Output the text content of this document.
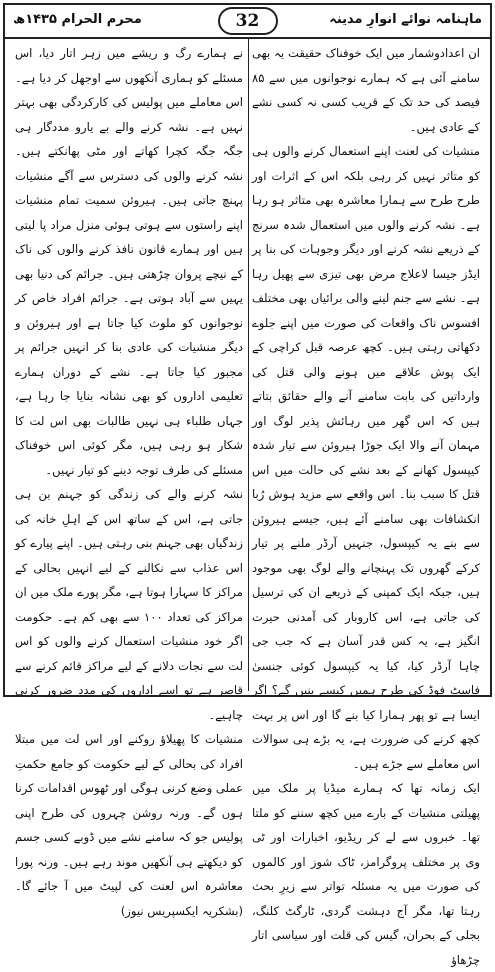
ماہنامہ نوائے انوارِ مدینہ
محرم الحرام ۱۴۳۵ھ	32

ان اعدادوشمار میں ایک خوفناک حقیقت یہ بھی سامنے آئی ہے کہ ہمارے نوجوانوں میں سے ۸۵ فیصد کی حد تک کے قریب کسی نہ کسی نشے کے عادی ہیں۔

منشیات کی لعنت اپنے استعمال کرنے والوں ہی کو متاثر نہیں کر رہی بلکہ اس کے اثرات اور طرح طرح سے ہمارا معاشرہ بھی متاثر ہو رہا ہے۔ نشہ کرنے والوں میں استعمال شدہ سرنج کے ذریعے نشہ کرنے اور دیگر وجوہات کی بنا پر ایڈز جیسا لاعلاج مرض بھی تیزی سے پھیل رہا ہے۔ نشے سے جنم لینے والی برائیاں بھی مختلف افسوس ناک واقعات کی صورت میں اپنے جلوے دکھاتی رہتی ہیں۔ کچھ عرصہ قبل کراچی کے ایک پوش علاقے میں ہونے والی قتل کی وارداتیں کی بابت سامنے آنے والے حقائق بتاتے ہیں کہ اس گھر میں رہائش پذیر لوگ اور مہمان آنے والا ایک جوڑا ہیروئن سے تیار شدہ کیپسول کھانے کے بعد نشے کی حالت میں اس قتل کا سبب بنا۔ اس واقعے سے مزید ہوش رُبا انکشافات بھی سامنے آئے ہیں، جیسے ہیروئن سے بنے یہ کیپسول، جنہیں آرڈر ملنے پر تیار کرکے گھروں تک پہنچانے والے لوگ بھی موجود ہیں، جبکہ ایک کمپنی کے ذریعے ان کی ترسیل کی جاتی ہے، اس کاروبار کی آمدنی حیرت انگیز ہے، یہ کس قدر آسان ہے کہ جب جی چاہا آرڈر کیا، کیا یہ کیپسول کوئی جنسیٰ فاسٹ فوڈ کی طرح ہمیں کیسے بنیں گے؟ اگر ایسا ہے تو پھر ہمارا کیا بنے گا اور اس پر بہت کچھ کرنے کی ضرورت ہے، یہ بڑے ہی سوالات اس معاملے سے جڑے ہیں۔

ایک زمانہ تھا کہ ہمارے میڈیا پر ملک میں پھیلتی منشیات کے بارے میں کچھ سننے کو ملتا تھا۔ خبروں سے لے کر ریڈیو، اخبارات اور ٹی وی پر مختلف پروگرامز، ٹاک شوز اور کالموں کی صورت میں یہ مسئلہ تواتر سے زیرِ بحث رہتا تھا، مگر آج دہشت گردی، ٹارگٹ کلنگ، بجلی کے بحران، گیس کی قلت اور سیاسی اتار چڑھاؤ

نے ہمارے رگ و ریشے میں زہر اتار دیا، اس مسئلے کو ہماری آنکھوں سے اوجھل کر دیا ہے۔ اس معاملے میں پولیس کی کارکردگی بھی بہتر نہیں ہے۔ نشہ کرنے والے بے یارو مددگار ہی جگہ جگہ کچرا کھاتے اور مٹی پھانکتے ہیں۔ نشہ کرنے والوں کی دسترس سے آگے منشیات پہنچ جاتی ہیں۔ ہیروئن سمیت تمام منشیات اپنے راستوں سے ہوتی ہوئی منزل مراد پا لیتی ہیں اور ہمارے قانون نافذ کرنے والوں کی ناک کے نیچے پروان چڑھتی ہیں۔ جرائم کی دنیا بھی یہیں سے آباد ہوتی ہے۔ جرائم افراد خاص کر نوجوانوں کو ملوث کیا جاتا ہے اور ہیروئن و دیگر منشیات کی عادی بنا کر انہیں جرائم پر مجبور کیا جاتا ہے۔ نشے کے دوران ہمارے تعلیمی اداروں کو بھی نشانہ بنایا جا رہا ہے، جہاں طلباء ہی نہیں طالبات بھی اس لت کا شکار ہو رہی ہیں، مگر کوئی اس خوفناک مسئلے کی طرف توجہ دینے کو تیار نہیں۔

نشہ کرنے والے کی زندگی کو جہنم بن ہی جاتی ہے، اس کے ساتھ اس کے اہلِ خانہ کی زندگیاں بھی جہنم بنی رہتی ہیں۔ اپنے پیارے کو اس عذاب سے نکالنے کے لیے انہیں بحالی کے مراکز کا سہارا ہوتا ہے، مگر پورے ملک میں ان مراکز کی تعداد ۱۰۰ سے بھی کم ہے۔ حکومت اگر خود منشیات استعمال کرنے والوں کو اس لت سے نجات دلانے کے لیے مراکز قائم کرنے سے قاصر ہے تو اسے اداروں کی مدد ضرور کرنی چاہیے۔

منشیات کا پھیلاؤ روکنے اور اس لت میں مبتلا افراد کی بحالی کے لیے حکومت کو جامع حکمتِ عملی وضع کرنی ہوگی اور ٹھوس اقدامات کرنا ہوں گے۔ ورنہ روشن چہروں کی طرح اپنی پولیس جو کہ سامنے نشے میں ڈوبے کسی جسم کو دیکھتے ہی آنکھیں موند رہے ہیں۔ ورنہ پورا معاشرہ اس لعنت کی لپیٹ میں آ جائے گا۔ (بشکریہ ایکسپریس نیوز)
